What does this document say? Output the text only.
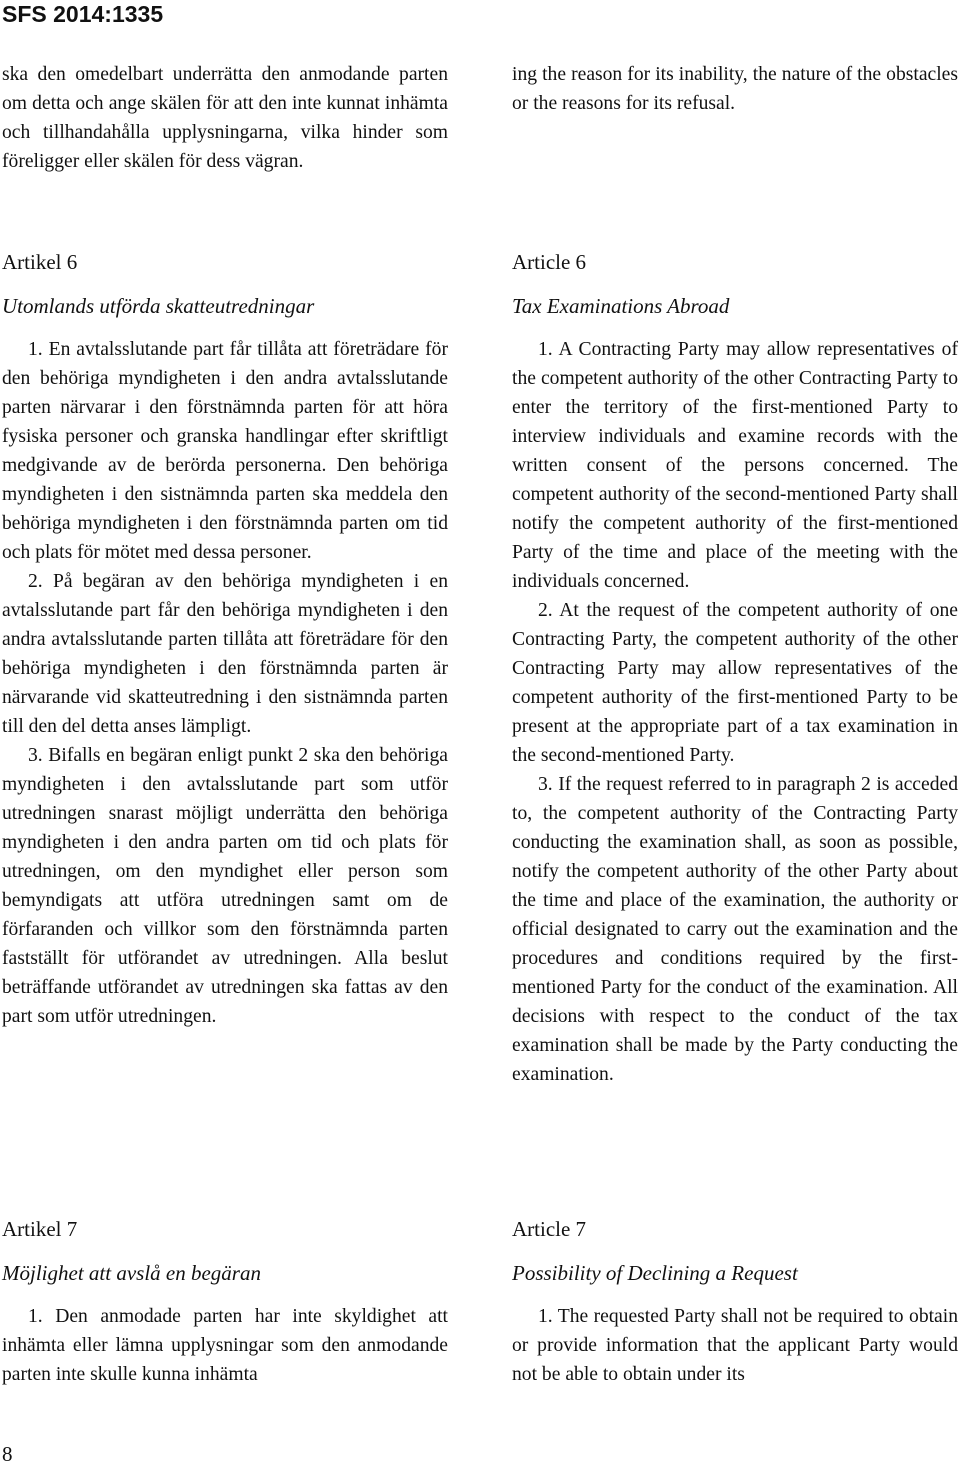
SFS 2014:1335

ska den omedelbart underrätta den anmodande parten om detta och ange skälen för att den inte kunnat inhämta och tillhandahålla upplysningarna, vilka hinder som föreligger eller skälen för dess vägran.

Artikel 6
Utomlands utförda skatteutredningar

1. En avtalsslutande part får tillåta att företrädare för den behöriga myndigheten i den andra avtalsslutande parten närvarar i den förstnämnda parten för att höra fysiska personer och granska handlingar efter skriftligt medgivande av de berörda personerna. Den behöriga myndigheten i den sistnämnda parten ska meddela den behöriga myndigheten i den förstnämnda parten om tid och plats för mötet med dessa personer.

2. På begäran av den behöriga myndigheten i en avtalsslutande part får den behöriga myndigheten i den andra avtalsslutande parten tillåta att företrädare för den behöriga myndigheten i den förstnämnda parten är närvarande vid skatteutredning i den sistnämnda parten till den del detta anses lämpligt.

3. Bifalls en begäran enligt punkt 2 ska den behöriga myndigheten i den avtalsslutande part som utför utredningen snarast möjligt underrätta den behöriga myndigheten i den andra parten om tid och plats för utredningen, om den myndighet eller person som bemyndigats att utföra utredningen samt om de förfaranden och villkor som den förstnämnda parten fastställt för utförandet av utredningen. Alla beslut beträffande utförandet av utredningen ska fattas av den part som utför utredningen.

Artikel 7
Möjlighet att avslå en begäran

1. Den anmodade parten har inte skyldighet att inhämta eller lämna upplysningar som den anmodande parten inte skulle kunna inhämta

ing the reason for its inability, the nature of the obstacles or the reasons for its refusal.

Article 6
Tax Examinations Abroad

1. A Contracting Party may allow representatives of the competent authority of the other Contracting Party to enter the territory of the first-mentioned Party to interview individuals and examine records with the written consent of the persons concerned. The competent authority of the second-mentioned Party shall notify the competent authority of the first-mentioned Party of the time and place of the meeting with the individuals concerned.

2. At the request of the competent authority of one Contracting Party, the competent authority of the other Contracting Party may allow representatives of the competent authority of the first-mentioned Party to be present at the appropriate part of a tax examination in the second-mentioned Party.

3. If the request referred to in paragraph 2 is acceded to, the competent authority of the Contracting Party conducting the examination shall, as soon as possible, notify the competent authority of the other Party about the time and place of the examination, the authority or official designated to carry out the examination and the procedures and conditions required by the first-mentioned Party for the conduct of the examination. All decisions with respect to the conduct of the tax examination shall be made by the Party conducting the examination.

Article 7
Possibility of Declining a Request

1. The requested Party shall not be required to obtain or provide information that the applicant Party would not be able to obtain under its

8
